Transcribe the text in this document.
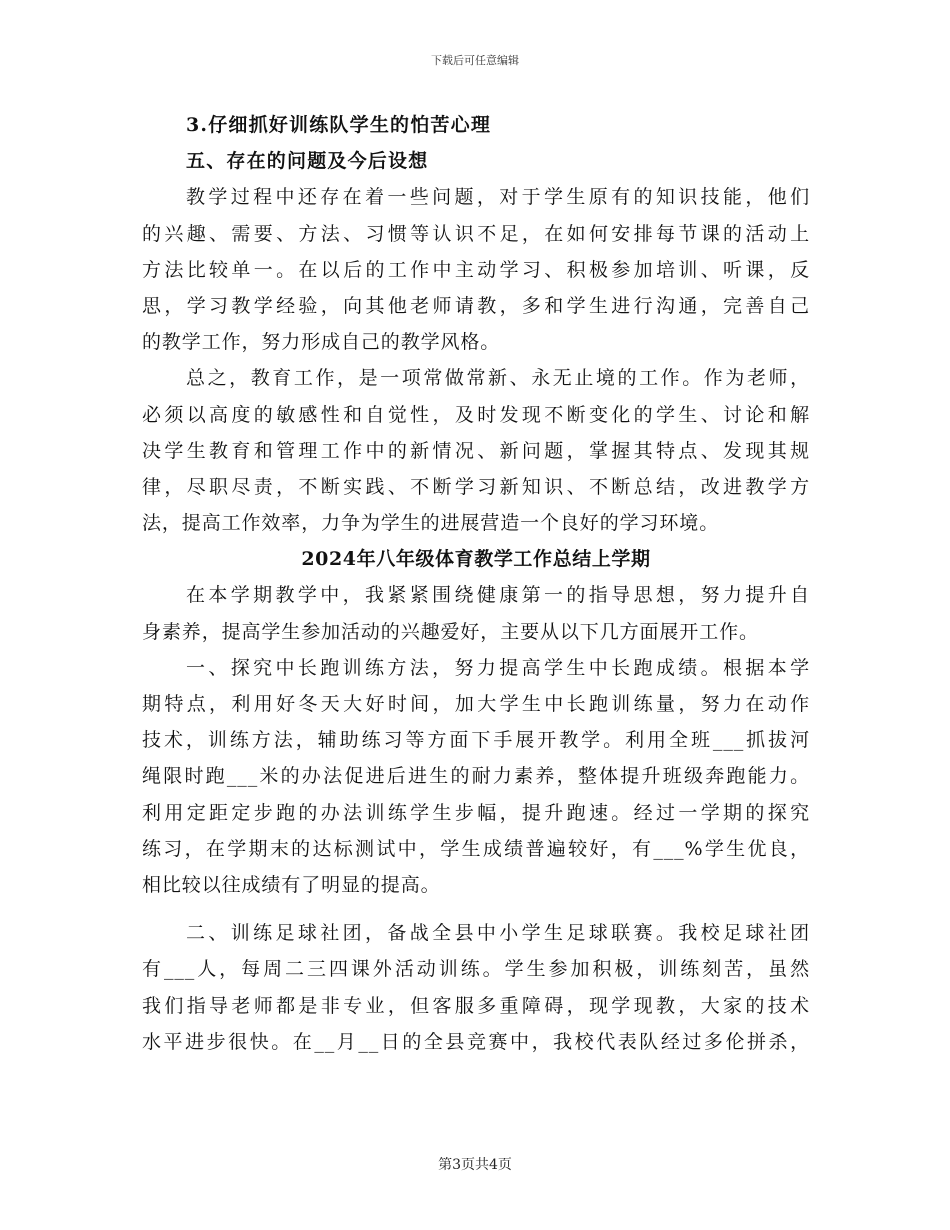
下载后可任意编辑
3.仔细抓好训练队学生的怕苦心理
五、存在的问题及今后设想
教学过程中还存在着一些问题，对于学生原有的知识技能，他们
的兴趣、需要、方法、习惯等认识不足，在如何安排每节课的活动上
方法比较单一。在以后的工作中主动学习、积极参加培训、听课，反
思，学习教学经验，向其他老师请教，多和学生进行沟通，完善自己
的教学工作，努力形成自己的教学风格。
总之，教育工作，是一项常做常新、永无止境的工作。作为老师，
必须以高度的敏感性和自觉性，及时发现不断变化的学生、讨论和解
决学生教育和管理工作中的新情况、新问题，掌握其特点、发现其规
律，尽职尽责，不断实践、不断学习新知识、不断总结，改进教学方
法，提高工作效率，力争为学生的进展营造一个良好的学习环境。
2024年八年级体育教学工作总结上学期
在本学期教学中，我紧紧围绕健康第一的指导思想，努力提升自
身素养，提高学生参加活动的兴趣爱好，主要从以下几方面展开工作。
一、探究中长跑训练方法，努力提高学生中长跑成绩。根据本学
期特点，利用好冬天大好时间，加大学生中长跑训练量，努力在动作
技术，训练方法，辅助练习等方面下手展开教学。利用全班___抓拔河
绳限时跑___米的办法促进后进生的耐力素养，整体提升班级奔跑能力。
利用定距定步跑的办法训练学生步幅，提升跑速。经过一学期的探究
练习，在学期末的达标测试中，学生成绩普遍较好，有___%学生优良，
相比较以往成绩有了明显的提高。
二、训练足球社团，备战全县中小学生足球联赛。我校足球社团
有___人，每周二三四课外活动训练。学生参加积极，训练刻苦，虽然
我们指导老师都是非专业，但客服多重障碍，现学现教，大家的技术
水平进步很快。在__月__日的全县竞赛中，我校代表队经过多伦拼杀，
第3页共4页
